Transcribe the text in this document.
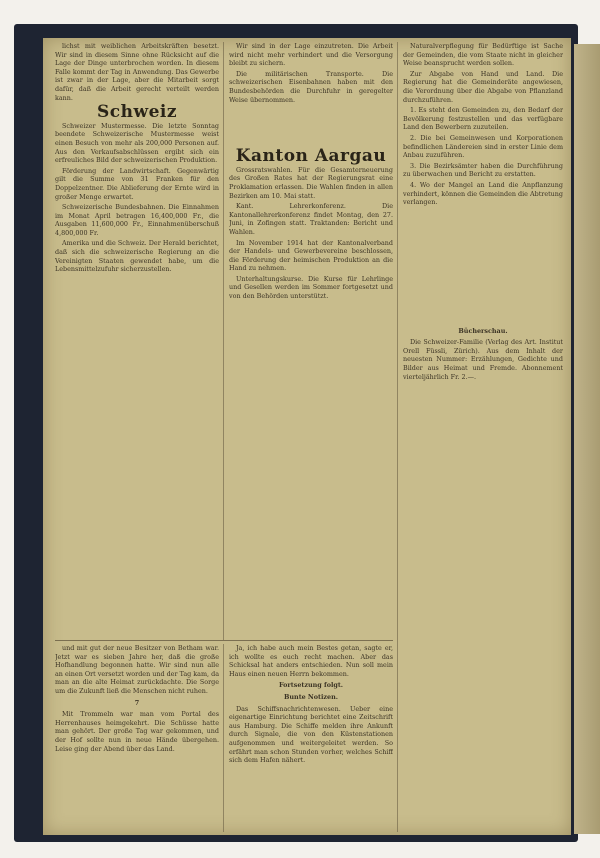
lichst mit weiblichen Arbeitskräften besetzt. Wir sind in diesem Sinne ohne Rücksicht auf die Lage der Dinge unterbrochen worden. In diesem Falle kommt der Tag in Anwendung. Das Gewerbe ist zwar in der Lage, aber die Mitarbeit sorgt dafür, daß die Arbeit gerecht verteilt werden kann.

Schweiz

Schweizer Mustermesse. Die letzte Sonntag beendete Schweizerische Mustermesse weist einen Besuch von mehr als 200,000 Personen auf. Aus den Verkaufsabschlüssen ergibt sich ein erfreuliches Bild der schweizerischen Produktion.

Förderung der Landwirtschaft. Gegenwärtig gilt die Summe von 31 Franken für den Doppelzentner. Die Ablieferung der Ernte wird in großer Menge erwartet.

Schweizerische Bundesbahnen. Die Einnahmen im Monat April betragen 16,400,000 Fr., die Ausgaben 11,600,000 Fr., Einnahmenüberschuß 4,800,000 Fr.

Amerika und die Schweiz. Der Herald berichtet, daß sich die schweizerische Regierung an die Vereinigten Staaten gewendet habe, um die Lebensmittelzufuhr sicherzustellen.

Wir sind in der Lage einzutreten. Die Arbeit wird nicht mehr verhindert und die Versorgung bleibt zu sichern.

Die militärischen Transporte. Die schweizerischen Eisenbahnen haben mit den Bundesbehörden die Durchfuhr in geregelter Weise übernommen.

Kanton Aargau

Grossratswahlen. Für die Gesamterneuerung des Großen Rates hat der Regierungsrat eine Proklamation erlassen. Die Wahlen finden in allen Bezirken am 10. Mai statt.

Kant. Lehrerkonferenz. Die Kantonallehrerkonferenz findet Montag, den 27. Juni, in Zofingen statt. Traktanden: Bericht und Wahlen.

Im November 1914 hat der Kantonalverband der Handels- und Gewerbevereine beschlossen, die Förderung der heimischen Produktion an die Hand zu nehmen.

Unterhaltungskurse. Die Kurse für Lehrlinge und Gesellen werden im Sommer fortgesetzt und von den Behörden unterstützt.

Naturalverpflegung für Bedürftige ist Sache der Gemeinden, die vom Staate nicht in gleicher Weise beansprucht werden sollen.

Zur Abgabe von Hand und Land. Die Regierung hat die Gemeinderäte angewiesen, die Verordnung über die Abgabe von Pflanzland durchzuführen.

1. Es steht den Gemeinden zu, den Bedarf der Bevölkerung festzustellen und das verfügbare Land den Bewerbern zuzuteilen.

2. Die bei Gemeinwesen und Korporationen befindlichen Ländereien sind in erster Linie dem Anbau zuzuführen.

3. Die Bezirksämter haben die Durchführung zu überwachen und Bericht zu erstatten.

4. Wo der Mangel an Land die Anpflanzung verhindert, können die Gemeinden die Abtretung verlangen.

Bücherschau.

Die Schweizer-Familie (Verlag des Art. Institut Orell Füssli, Zürich). Aus dem Inhalt der neuesten Nummer: Erzählungen, Gedichte und Bilder aus Heimat und Fremde. Abonnement vierteljährlich Fr. 2.—.

und mit gut der neue Besitzer von Betham war. Jetzt war es sieben Jahre her, daß die große Hofhandlung begonnen hatte. Wir sind nun alle an einen Ort versetzt worden und der Tag kam, da man an die alte Heimat zurückdachte. Die Sorge um die Zukunft ließ die Menschen nicht ruhen.

7

Mit Trommeln war man vom Portal des Herrenhauses heimgekehrt. Die Schüsse hatte man gehört. Der große Tag war gekommen, und der Hof sollte nun in neue Hände übergehen. Leise ging der Abend über das Land.

Ja, ich habe auch mein Bestes getan, sagte er, ich wollte es euch recht machen. Aber das Schicksal hat anders entschieden. Nun soll mein Haus einen neuen Herrn bekommen.

Fortsetzung folgt.

Bunte Notizen.

Das Schiffsnachrichtenwesen. Ueber eine eigenartige Einrichtung berichtet eine Zeitschrift aus Hamburg. Die Schiffe melden ihre Ankunft durch Signale, die von den Küstenstationen aufgenommen und weitergeleitet werden. So erfährt man schon Stunden vorher, welches Schiff sich dem Hafen nähert.
